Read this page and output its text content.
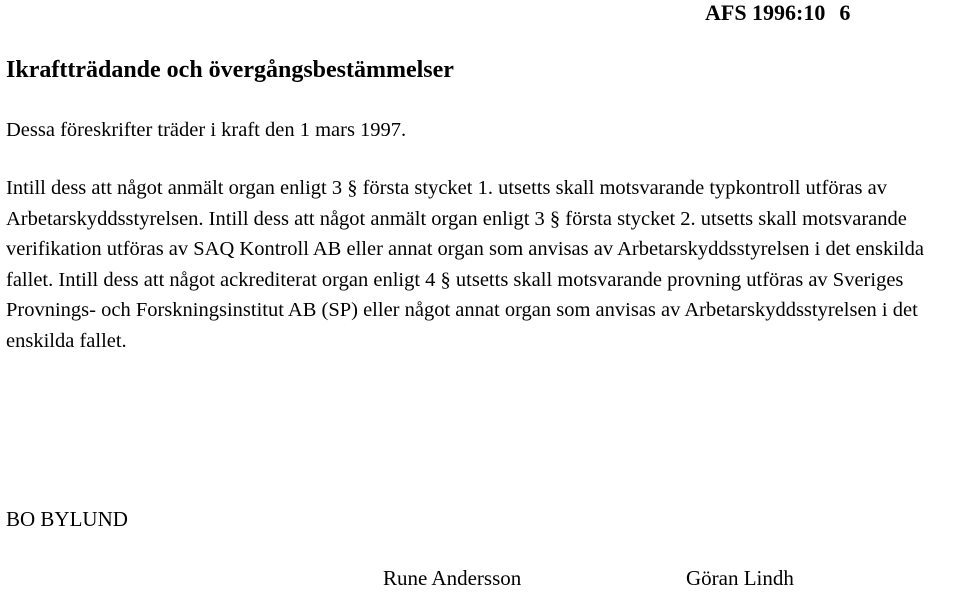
AFS 1996:10 6
Ikraftträdande och övergångsbestämmelser

Dessa föreskrifter träder i kraft den 1 mars 1997.

Intill dess att något anmält organ enligt 3 § första stycket 1. utsetts skall motsvarande typkontroll utföras av Arbetarskyddsstyrelsen. Intill dess att något anmält organ enligt 3 § första stycket 2. utsetts skall motsvarande verifikation utföras av SAQ Kontroll AB eller annat organ som anvisas av Arbetarskyddsstyrelsen i det enskilda fallet. Intill dess att något ackrediterat organ enligt 4 § utsetts skall motsvarande provning utföras av Sveriges Provnings- och Forskningsinstitut AB (SP) eller något annat organ som anvisas av Arbetarskyddsstyrelsen i det enskilda fallet.

BO BYLUND
Rune Andersson	Göran Lindh
